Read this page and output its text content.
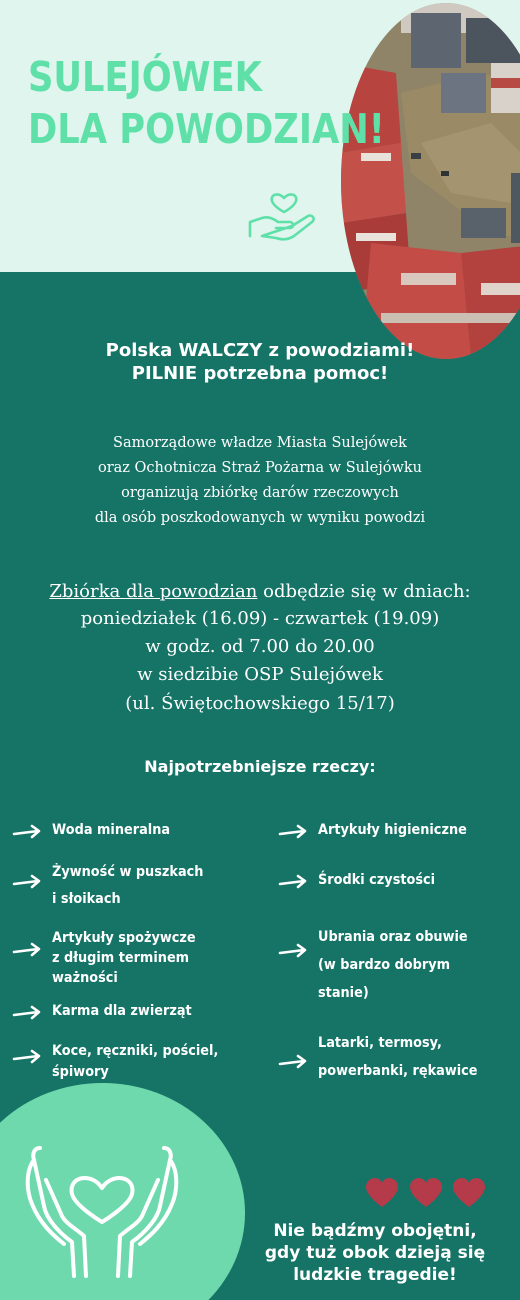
SULEJÓWEK
DLA POWODZIAN!
Polska WALCZY z powodziami!
PILNIE potrzebna pomoc!
Samorządowe władze Miasta Sulejówek
oraz Ochotnicza Straż Pożarna w Sulejówku
organizują zbiórkę darów rzeczowych
dla osób poszkodowanych w wyniku powodzi
Zbiórka dla powodzian odbędzie się w dniach:
poniedziałek (16.09) - czwartek (19.09)
w godz. od 7.00 do 20.00
w siedzibie OSP Sulejówek
(ul. Świętochowskiego 15/17)
Najpotrzebniejsze rzeczy:
Woda mineralna
Żywność w puszkach
i słoikach
Artykuły spożywcze
z długim terminem
ważności
Karma dla zwierząt
Koce, ręczniki, pościel,
śpiwory
Artykuły higieniczne
Środki czystości
Ubrania oraz obuwie
(w bardzo dobrym
stanie)
Latarki, termosy,
powerbanki, rękawice
Nie bądźmy obojętni,
gdy tuż obok dzieją się
ludzkie tragedie!
